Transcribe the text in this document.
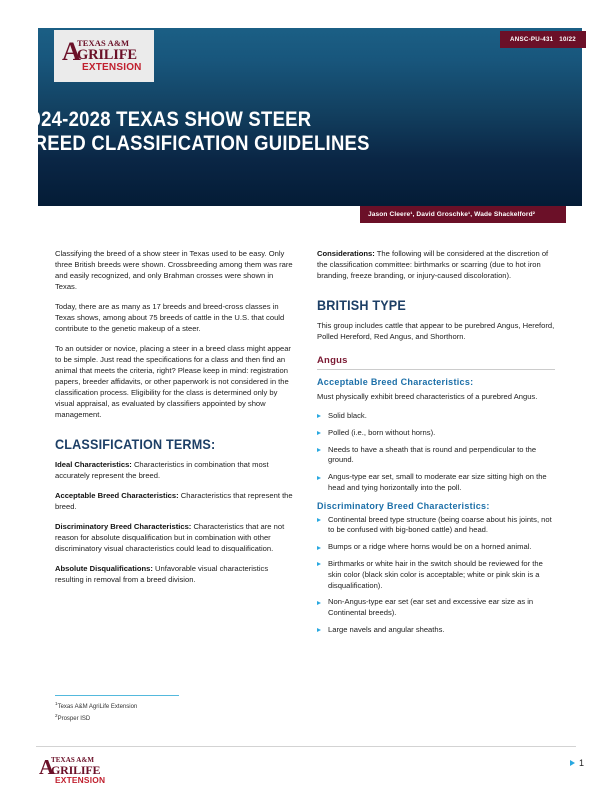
A
TEXAS A&M
GRILIFE
EXTENSION
ANSC-PU-431   10/22
2024-2028 TEXAS SHOW STEER
BREED CLASSIFICATION GUIDELINES
Jason Cleere¹, David Groschke¹, Wade Shackelford²

Classifying the breed of a show steer in Texas used to be easy. Only three British breeds were shown. Crossbreeding among them was rare and easily recognized, and only Brahman crosses were shown in Texas.

Today, there are as many as 17 breeds and breed-cross classes in Texas shows, among about 75 breeds of cattle in the U.S. that could contribute to the genetic makeup of a steer.

To an outsider or novice, placing a steer in a breed class might appear to be simple. Just read the specifications for a class and then find an animal that meets the criteria, right? Please keep in mind: registration papers, breeder affidavits, or other paperwork is not considered in the classification process. Eligibility for the class is determined only by visual appraisal, as evaluated by classifiers appointed by show management.

CLASSIFICATION TERMS:

Ideal Characteristics: Characteristics in combination that most accurately represent the breed.

Acceptable Breed Characteristics: Characteristics that represent the breed.

Discriminatory Breed Characteristics: Characteristics that are not reason for absolute disqualification but in combination with other discriminatory visual characteristics could lead to disqualification.

Absolute Disqualifications: Unfavorable visual characteristics resulting in removal from a breed division.

Considerations: The following will be considered at the discretion of the classification committee: birthmarks or scarring (due to hot iron branding, freeze branding, or injury-caused discoloration).

BRITISH TYPE

This group includes cattle that appear to be purebred Angus, Hereford, Polled Hereford, Red Angus, and Shorthorn.

Angus
Acceptable Breed Characteristics:

Must physically exhibit breed characteristics of a purebred Angus.

Solid black.
Polled (i.e., born without horns).
Needs to have a sheath that is round and perpendicular to the ground.
Angus-type ear set, small to moderate ear size sitting high on the head and tying horizontally into the poll.
Discriminatory Breed Characteristics:
Continental breed type structure (being coarse about his joints, not to be confused with big-boned cattle) and head.
Bumps or a ridge where horns would be on a horned animal.
Birthmarks or white hair in the switch should be reviewed for the skin color (black skin color is acceptable; white or pink skin is a disqualification).
Non-Angus-type ear set (ear set and excessive ear size as in Continental breeds).
Large navels and angular sheaths.
$^1$Texas A&M AgriLife Extension
$^2$Prosper ISD
A
TEXAS A&M
GRILIFE
EXTENSION
1
